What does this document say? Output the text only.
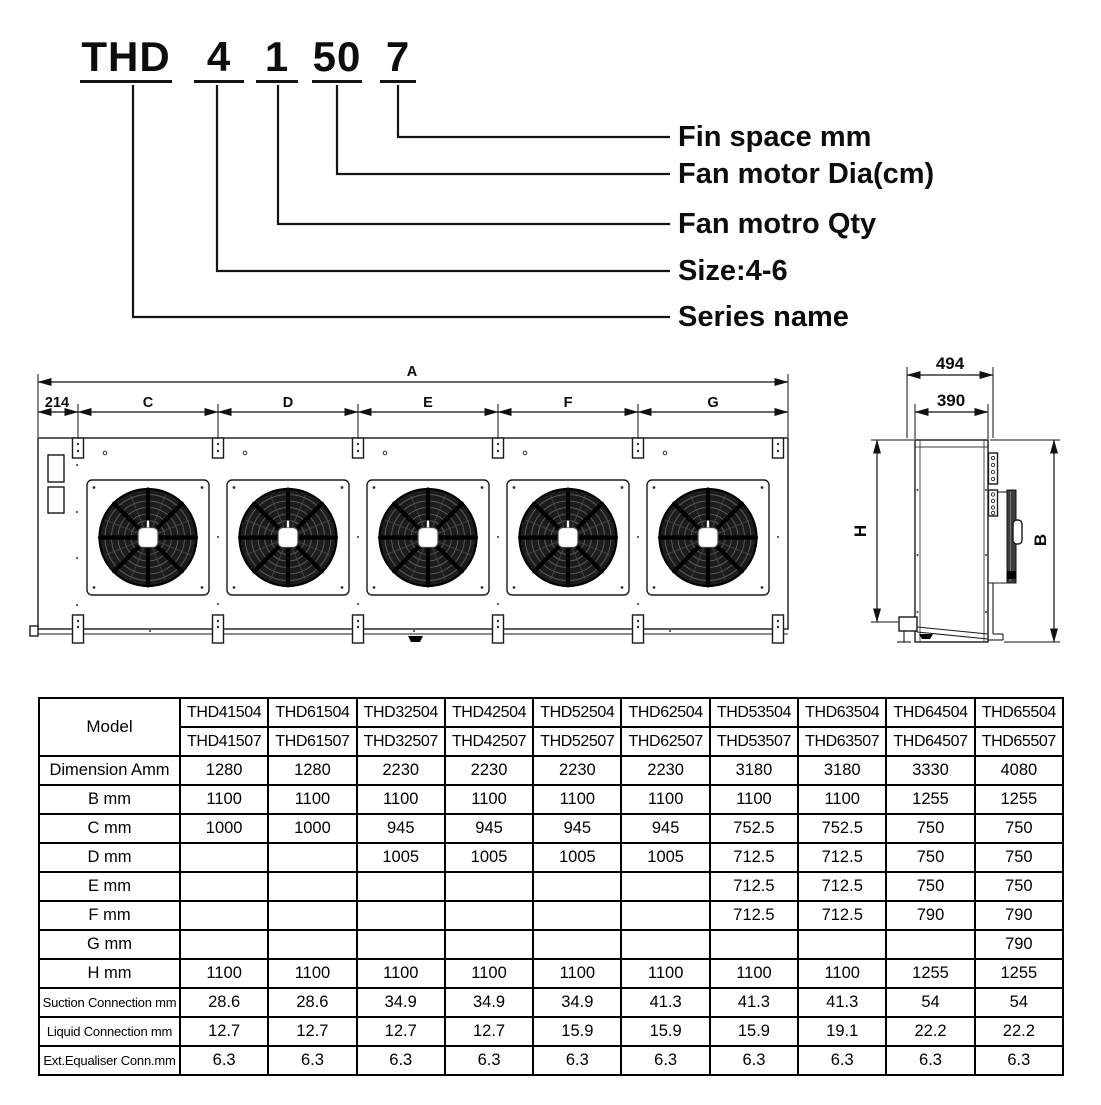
THD 4 1 50 7
Fin space mm
Fan motor Dia(cm)
Fan motro Qty
Size:4-6
Series name
A
214	C	D	E	F	G
494
390
H
B
Model	THD41504	THD61504	THD32504	THD42504	THD52504	THD62504	THD53504	THD63504	THD64504	THD65504
	THD41507	THD61507	THD32507	THD42507	THD52507	THD62507	THD53507	THD63507	THD64507	THD65507
Dimension Amm	1280	1280	2230	2230	2230	2230	3180	3180	3330	4080
B mm	1100	1100	1100	1100	1100	1100	1100	1100	1255	1255
C mm	1000	1000	945	945	945	945	752.5	752.5	750	750
D mm			1005	1005	1005	1005	712.5	712.5	750	750
E mm							712.5	712.5	750	750
F mm							712.5	712.5	790	790
G mm										790
H mm	1100	1100	1100	1100	1100	1100	1100	1100	1255	1255
Suction Connection mm	28.6	28.6	34.9	34.9	34.9	41.3	41.3	41.3	54	54
Liquid Connection mm	12.7	12.7	12.7	12.7	15.9	15.9	15.9	19.1	22.2	22.2
Ext.Equaliser Conn.mm	6.3	6.3	6.3	6.3	6.3	6.3	6.3	6.3	6.3	6.3
